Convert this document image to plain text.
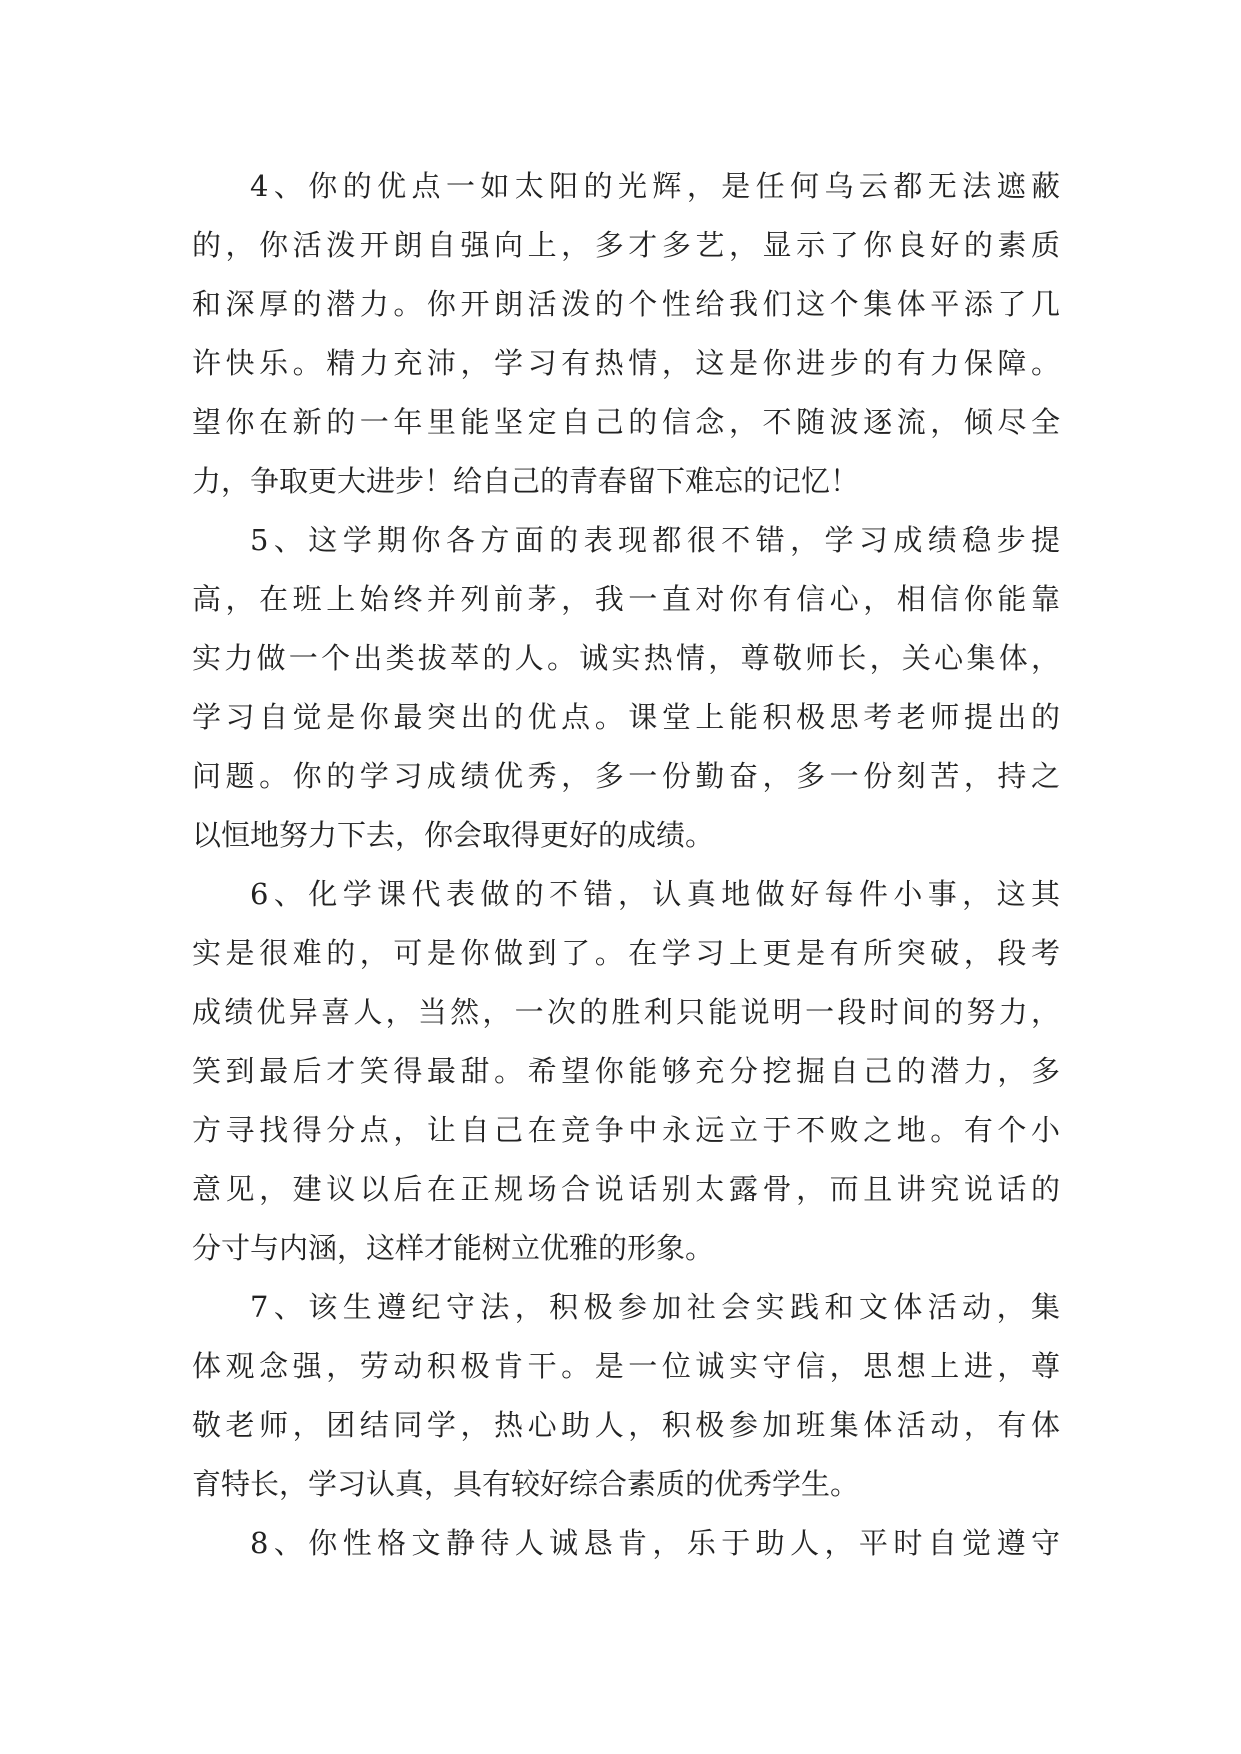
4、你的优点一如太阳的光辉，是任何乌云都无法遮蔽
的，你活泼开朗自强向上，多才多艺，显示了你良好的素质
和深厚的潜力。你开朗活泼的个性给我们这个集体平添了几
许快乐。精力充沛，学习有热情，这是你进步的有力保障。
望你在新的一年里能坚定自己的信念，不随波逐流，倾尽全
力，争取更大进步！给自己的青春留下难忘的记忆！
5、这学期你各方面的表现都很不错，学习成绩稳步提
高，在班上始终并列前茅，我一直对你有信心，相信你能靠
实力做一个出类拔萃的人。诚实热情，尊敬师长，关心集体，
学习自觉是你最突出的优点。课堂上能积极思考老师提出的
问题。你的学习成绩优秀，多一份勤奋，多一份刻苦，持之
以恒地努力下去，你会取得更好的成绩。
6、化学课代表做的不错，认真地做好每件小事，这其
实是很难的，可是你做到了。在学习上更是有所突破，段考
成绩优异喜人，当然，一次的胜利只能说明一段时间的努力，
笑到最后才笑得最甜。希望你能够充分挖掘自己的潜力，多
方寻找得分点，让自己在竞争中永远立于不败之地。有个小
意见，建议以后在正规场合说话别太露骨，而且讲究说话的
分寸与内涵，这样才能树立优雅的形象。
7、该生遵纪守法，积极参加社会实践和文体活动，集
体观念强，劳动积极肯干。是一位诚实守信，思想上进，尊
敬老师，团结同学，热心助人，积极参加班集体活动，有体
育特长，学习认真，具有较好综合素质的优秀学生。
8、你性格文静待人诚恳肯，乐于助人，平时自觉遵守
